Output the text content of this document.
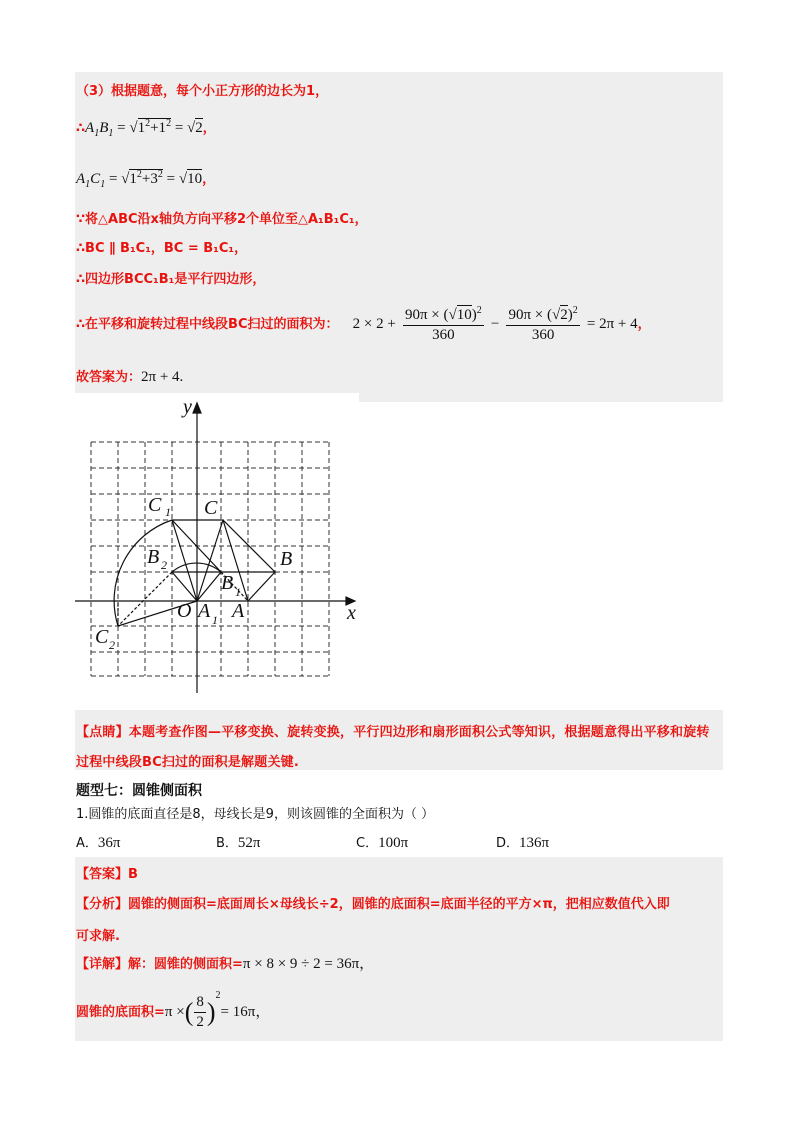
（3）根据题意，每个小正方形的边长为1，
$\therefore A_1B_1 = √1^2+1^2 = √2$，
$A_1C_1 = √1^2+3^2 = √10$，
∵将△ABC沿x轴负方向平移2个单位至△A₁B₁C₁，
∴BC ∥ B₁C₁，BC = B₁C₁，
∴四边形BCC₁B₁是平行四边形，
∴在平移和旋转过程中线段BC扫过的面积为： $2 \times 2 + \frac{90\pi \times (√10)^2}{360} - \frac{90\pi \times (√2)^2}{360} = 2\pi + 4$，
故答案为：2π + 4.
y
x
C 1 C
B 2
B 1
B
O A 1 A
C 2
【点睛】本题考查作图—平移变换、旋转变换，平行四边形和扇形面积公式等知识，根据题意得出平移和旋转过程中线段BC扫过的面积是解题关键.
题型七：圆锥侧面积
1.圆锥的底面直径是8，母线长是9，则该圆锥的全面积为（ ）
A．36π	B．52π	C．100π	D．136π
【答案】B
【分析】圆锥的侧面积=底面周长×母线长÷2，圆锥的底面积=底面半径的平方×π，把相应数值代入即
可求解.
【详解】解：圆锥的侧面积=π × 8 × 9 ÷ 2 = 36π，
圆锥的底面积=π ×( $\frac{8}{2} )^2= 16\pi$，
